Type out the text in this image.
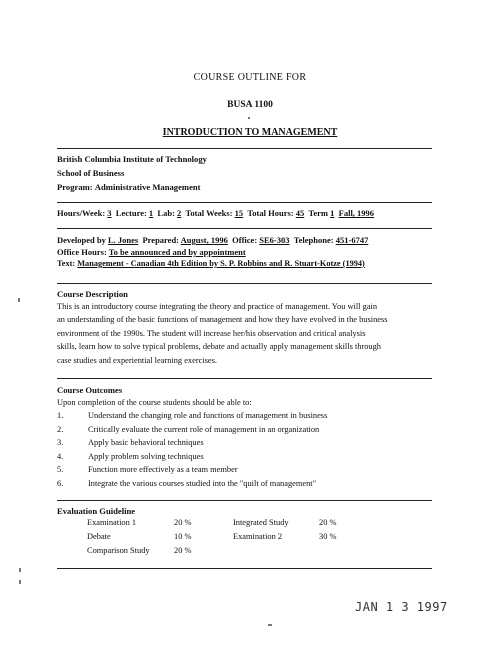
COURSE OUTLINE FOR
BUSA 1100
INTRODUCTION TO MANAGEMENT
British Columbia Institute of Technology
School of Business
Program: Administrative Management
Hours/Week: 3 Lecture: 1 Lab: 2 Total Weeks: 15 Total Hours: 45 Term 1 Fall, 1996
Developed by L. Jones Prepared: August, 1996 Office: SE6-303 Telephone: 451-6747
Office Hours: To be announced and by appointment
Text: Management - Canadian 4th Edition by S. P. Robbins and R. Stuart-Kotze (1994)
Course Description
This is an introductory course integrating the theory and practice of management. You will gain
an understanding of the basic functions of management and how they have evolved in the business
environment of the 1990s. The student will increase her/his observation and critical analysis
skills, learn how to solve typical problems, debate and actually apply management skills through
case studies and experiential learning exercises.
Course Outcomes
Upon completion of the course students should be able to:
1.	Understand the changing role and functions of management in business
2.	Critically evaluate the current role of management in an organization
3.	Apply basic behavioral techniques
4.	Apply problem solving techniques
5.	Function more effectively as a team member
6.	Integrate the various courses studied into the "quilt of management"
Evaluation Guideline
Examination 1	20 %	Integrated Study	20 %
Debate	10 %	Examination 2	30 %
Comparison Study	20 %
JAN 1 3 1997
